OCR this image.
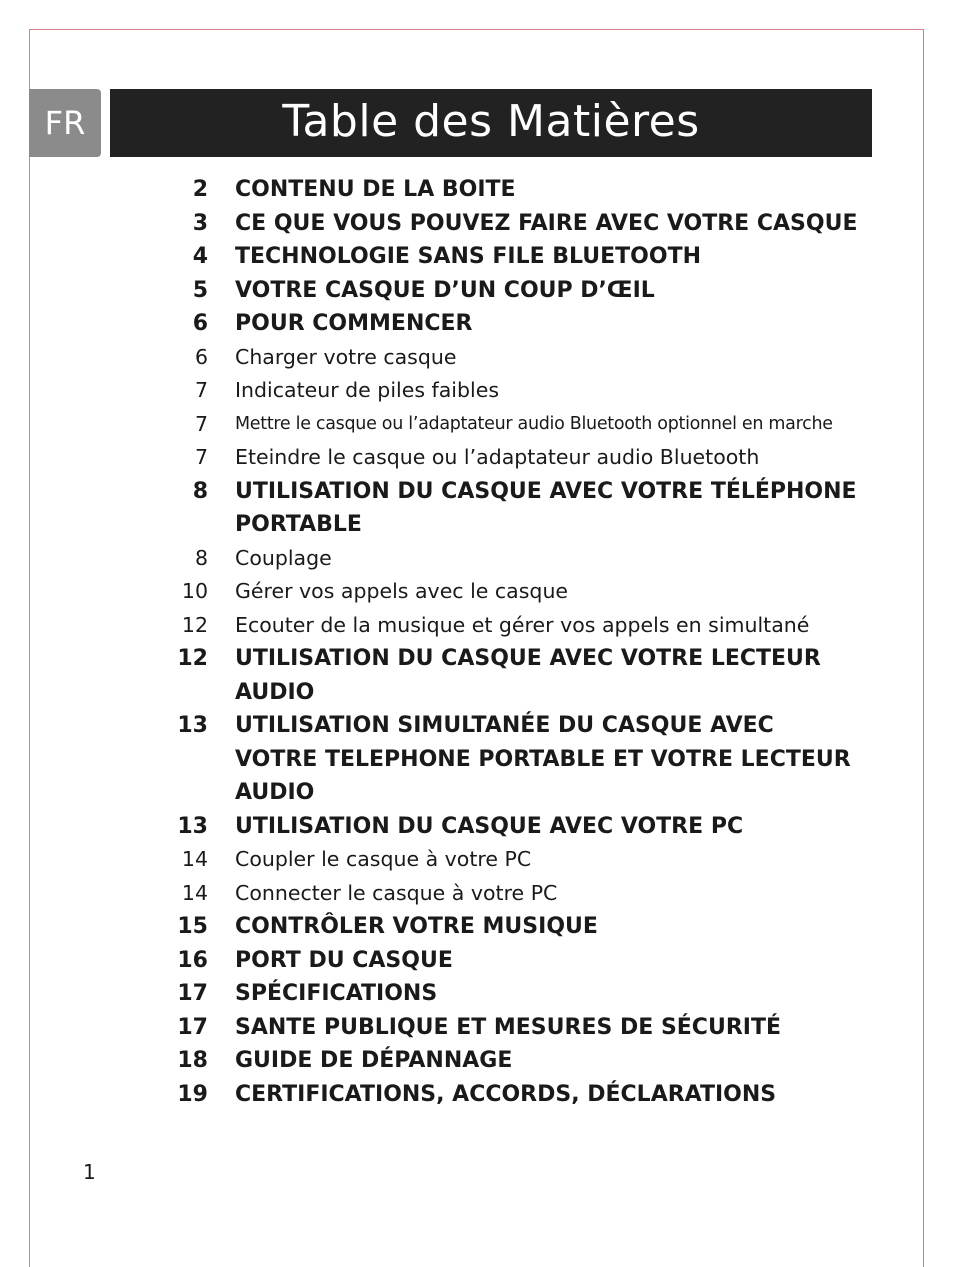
FR	Table des Matières
2 CONTENU DE LA BOITE
3 CE QUE VOUS POUVEZ FAIRE AVEC VOTRE CASQUE
4 TECHNOLOGIE SANS FILE BLUETOOTH
5 VOTRE CASQUE D’UN COUP D’ŒIL
6 POUR COMMENCER
6 Charger votre casque
7 Indicateur de piles faibles
7 Mettre le casque ou l’adaptateur audio Bluetooth optionnel en marche
7 Eteindre le casque ou l’adaptateur audio Bluetooth
8 UTILISATION DU CASQUE AVEC VOTRE TÉLÉPHONE PORTABLE
8 Couplage
10 Gérer vos appels avec le casque
12 Ecouter de la musique et gérer vos appels en simultané
12 UTILISATION DU CASQUE AVEC VOTRE LECTEUR AUDIO
13 UTILISATION SIMULTANÉE DU CASQUE AVEC VOTRE TELEPHONE PORTABLE ET VOTRE LECTEUR AUDIO
13 UTILISATION DU CASQUE AVEC VOTRE PC
14 Coupler le casque à votre PC
14 Connecter le casque à votre PC
15 CONTRÔLER VOTRE MUSIQUE
16 PORT DU CASQUE
17 SPÉCIFICATIONS
17 SANTE PUBLIQUE ET MESURES DE SÉCURITÉ
18 GUIDE DE DÉPANNAGE
19 CERTIFICATIONS, ACCORDS, DÉCLARATIONS
1
